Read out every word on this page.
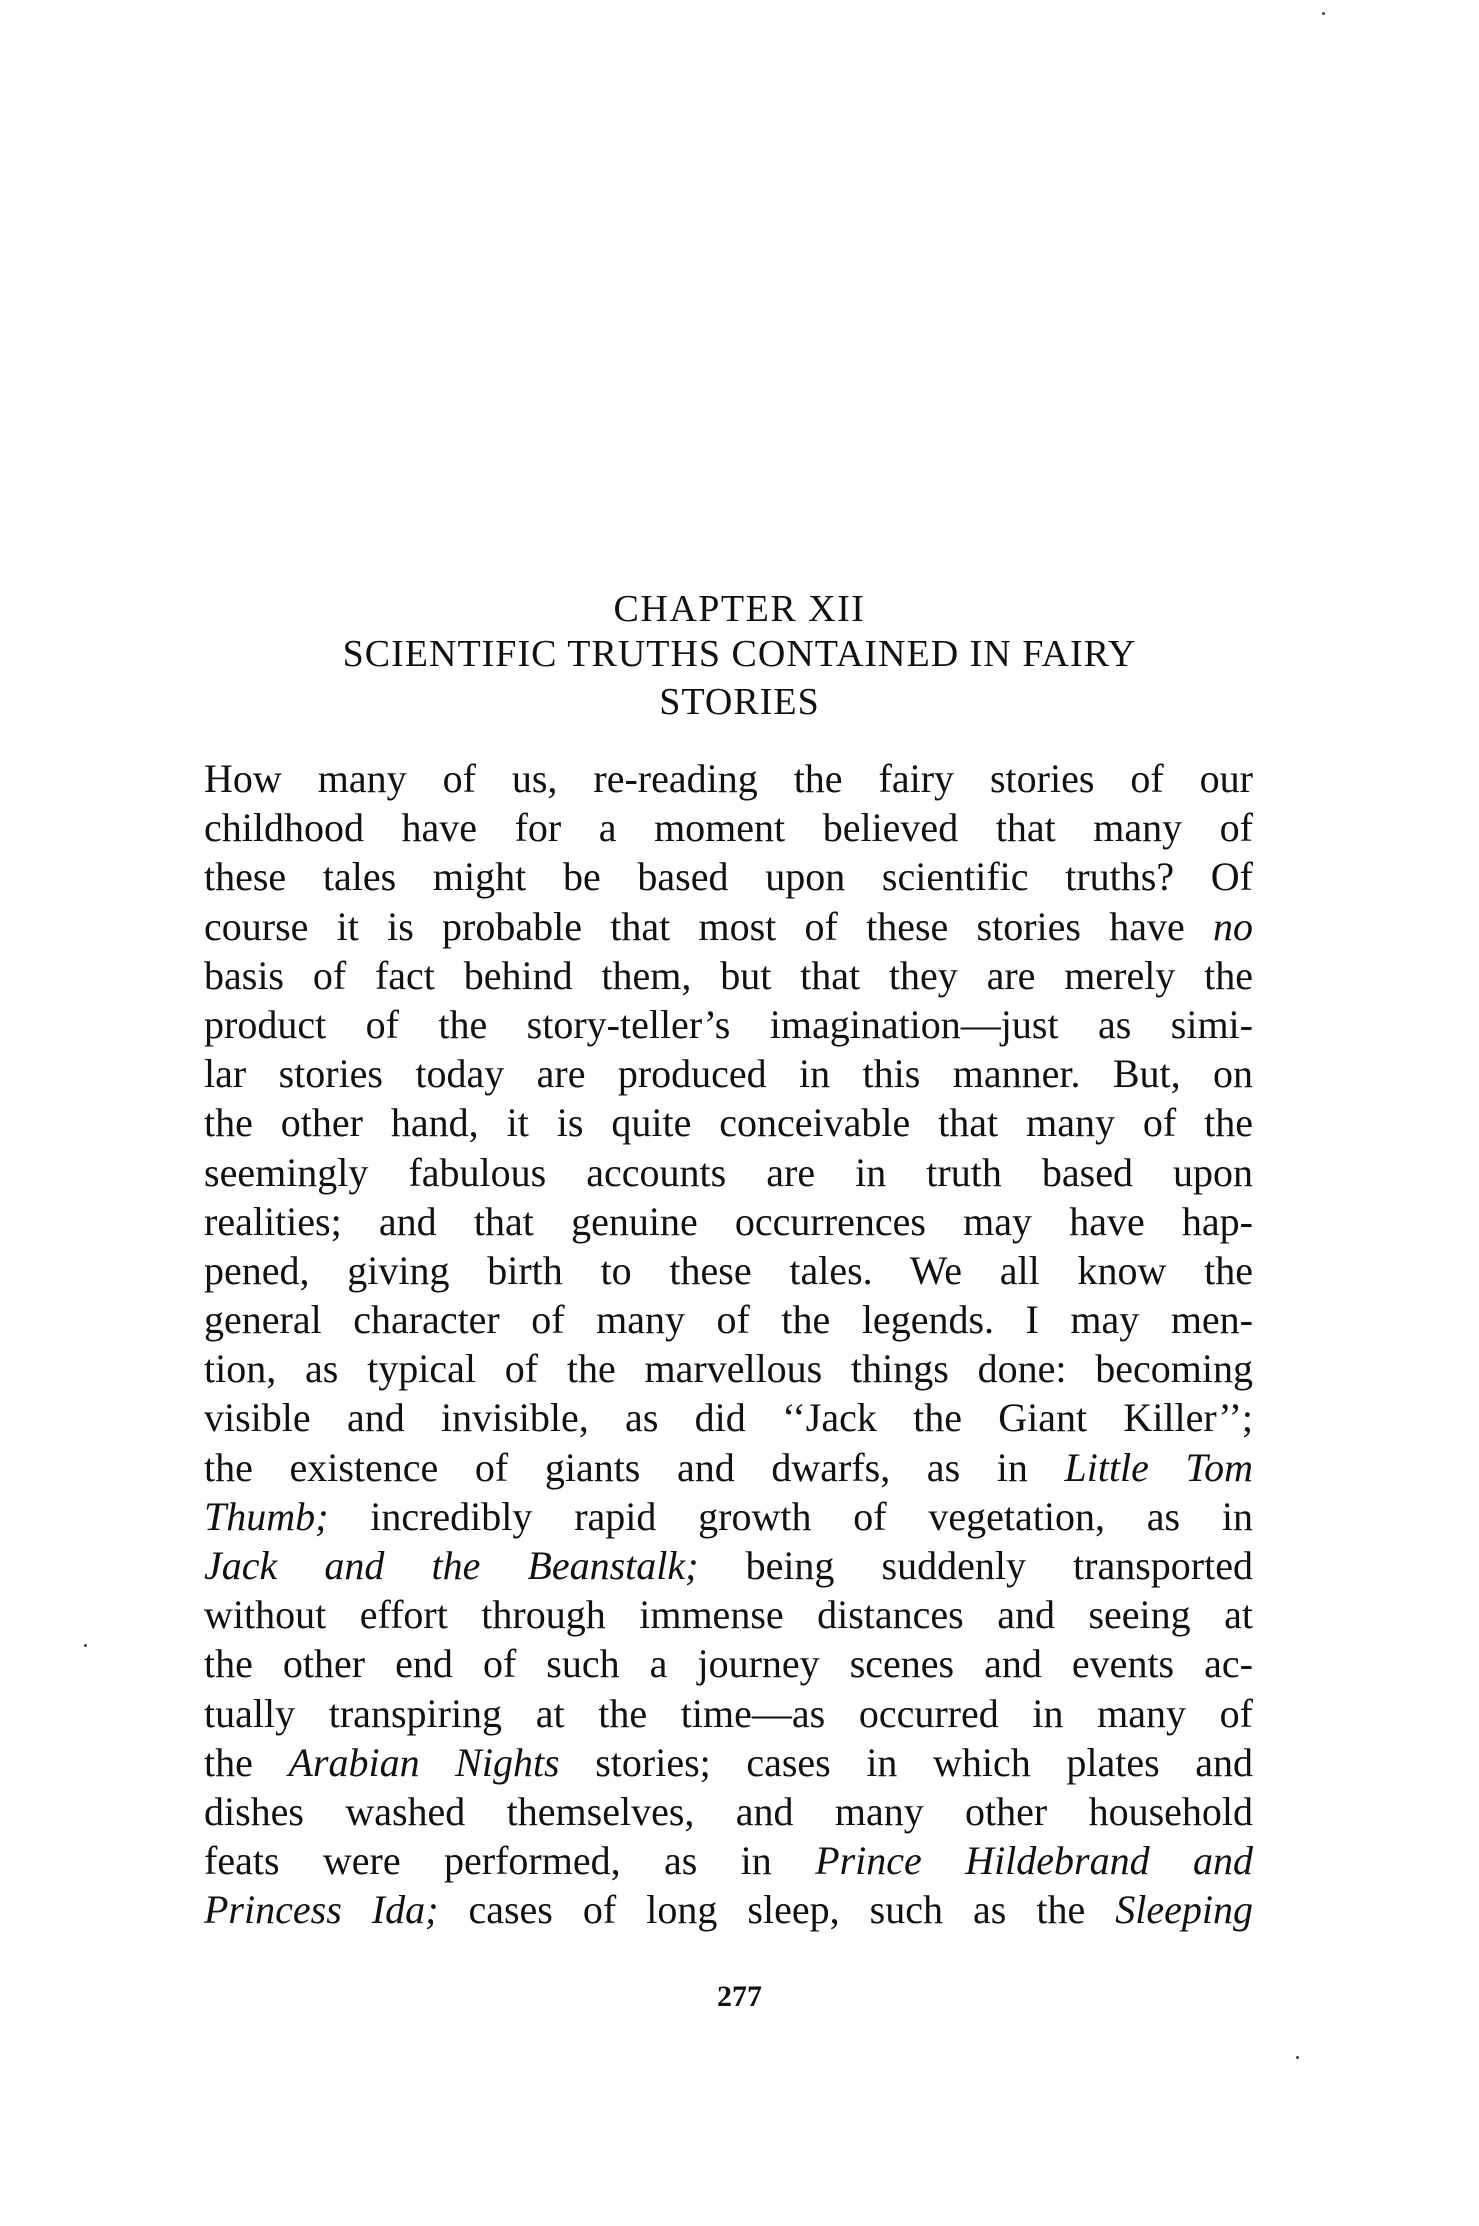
CHAPTER XII
SCIENTIFIC TRUTHS CONTAINED IN FAIRY
STORIES
How many of us, re-reading the fairy stories of our
childhood have for a moment believed that many of
these tales might be based upon scientific truths? Of
course it is probable that most of these stories have no
basis of fact behind them, but that they are merely the
product of the story-teller’s imagination—just as simi-
lar stories today are produced in this manner. But, on
the other hand, it is quite conceivable that many of the
seemingly fabulous accounts are in truth based upon
realities; and that genuine occurrences may have hap-
pened, giving birth to these tales. We all know the
general character of many of the legends. I may men-
tion, as typical of the marvellous things done: becoming
visible and invisible, as did ‘‘Jack the Giant Killer’’;
the existence of giants and dwarfs, as in Little Tom
Thumb; incredibly rapid growth of vegetation, as in
Jack and the Beanstalk; being suddenly transported
without effort through immense distances and seeing at
the other end of such a journey scenes and events ac-
tually transpiring at the time—as occurred in many of
the Arabian Nights stories; cases in which plates and
dishes washed themselves, and many other household
feats were performed, as in Prince Hildebrand and
Princess Ida; cases of long sleep, such as the Sleeping
277
